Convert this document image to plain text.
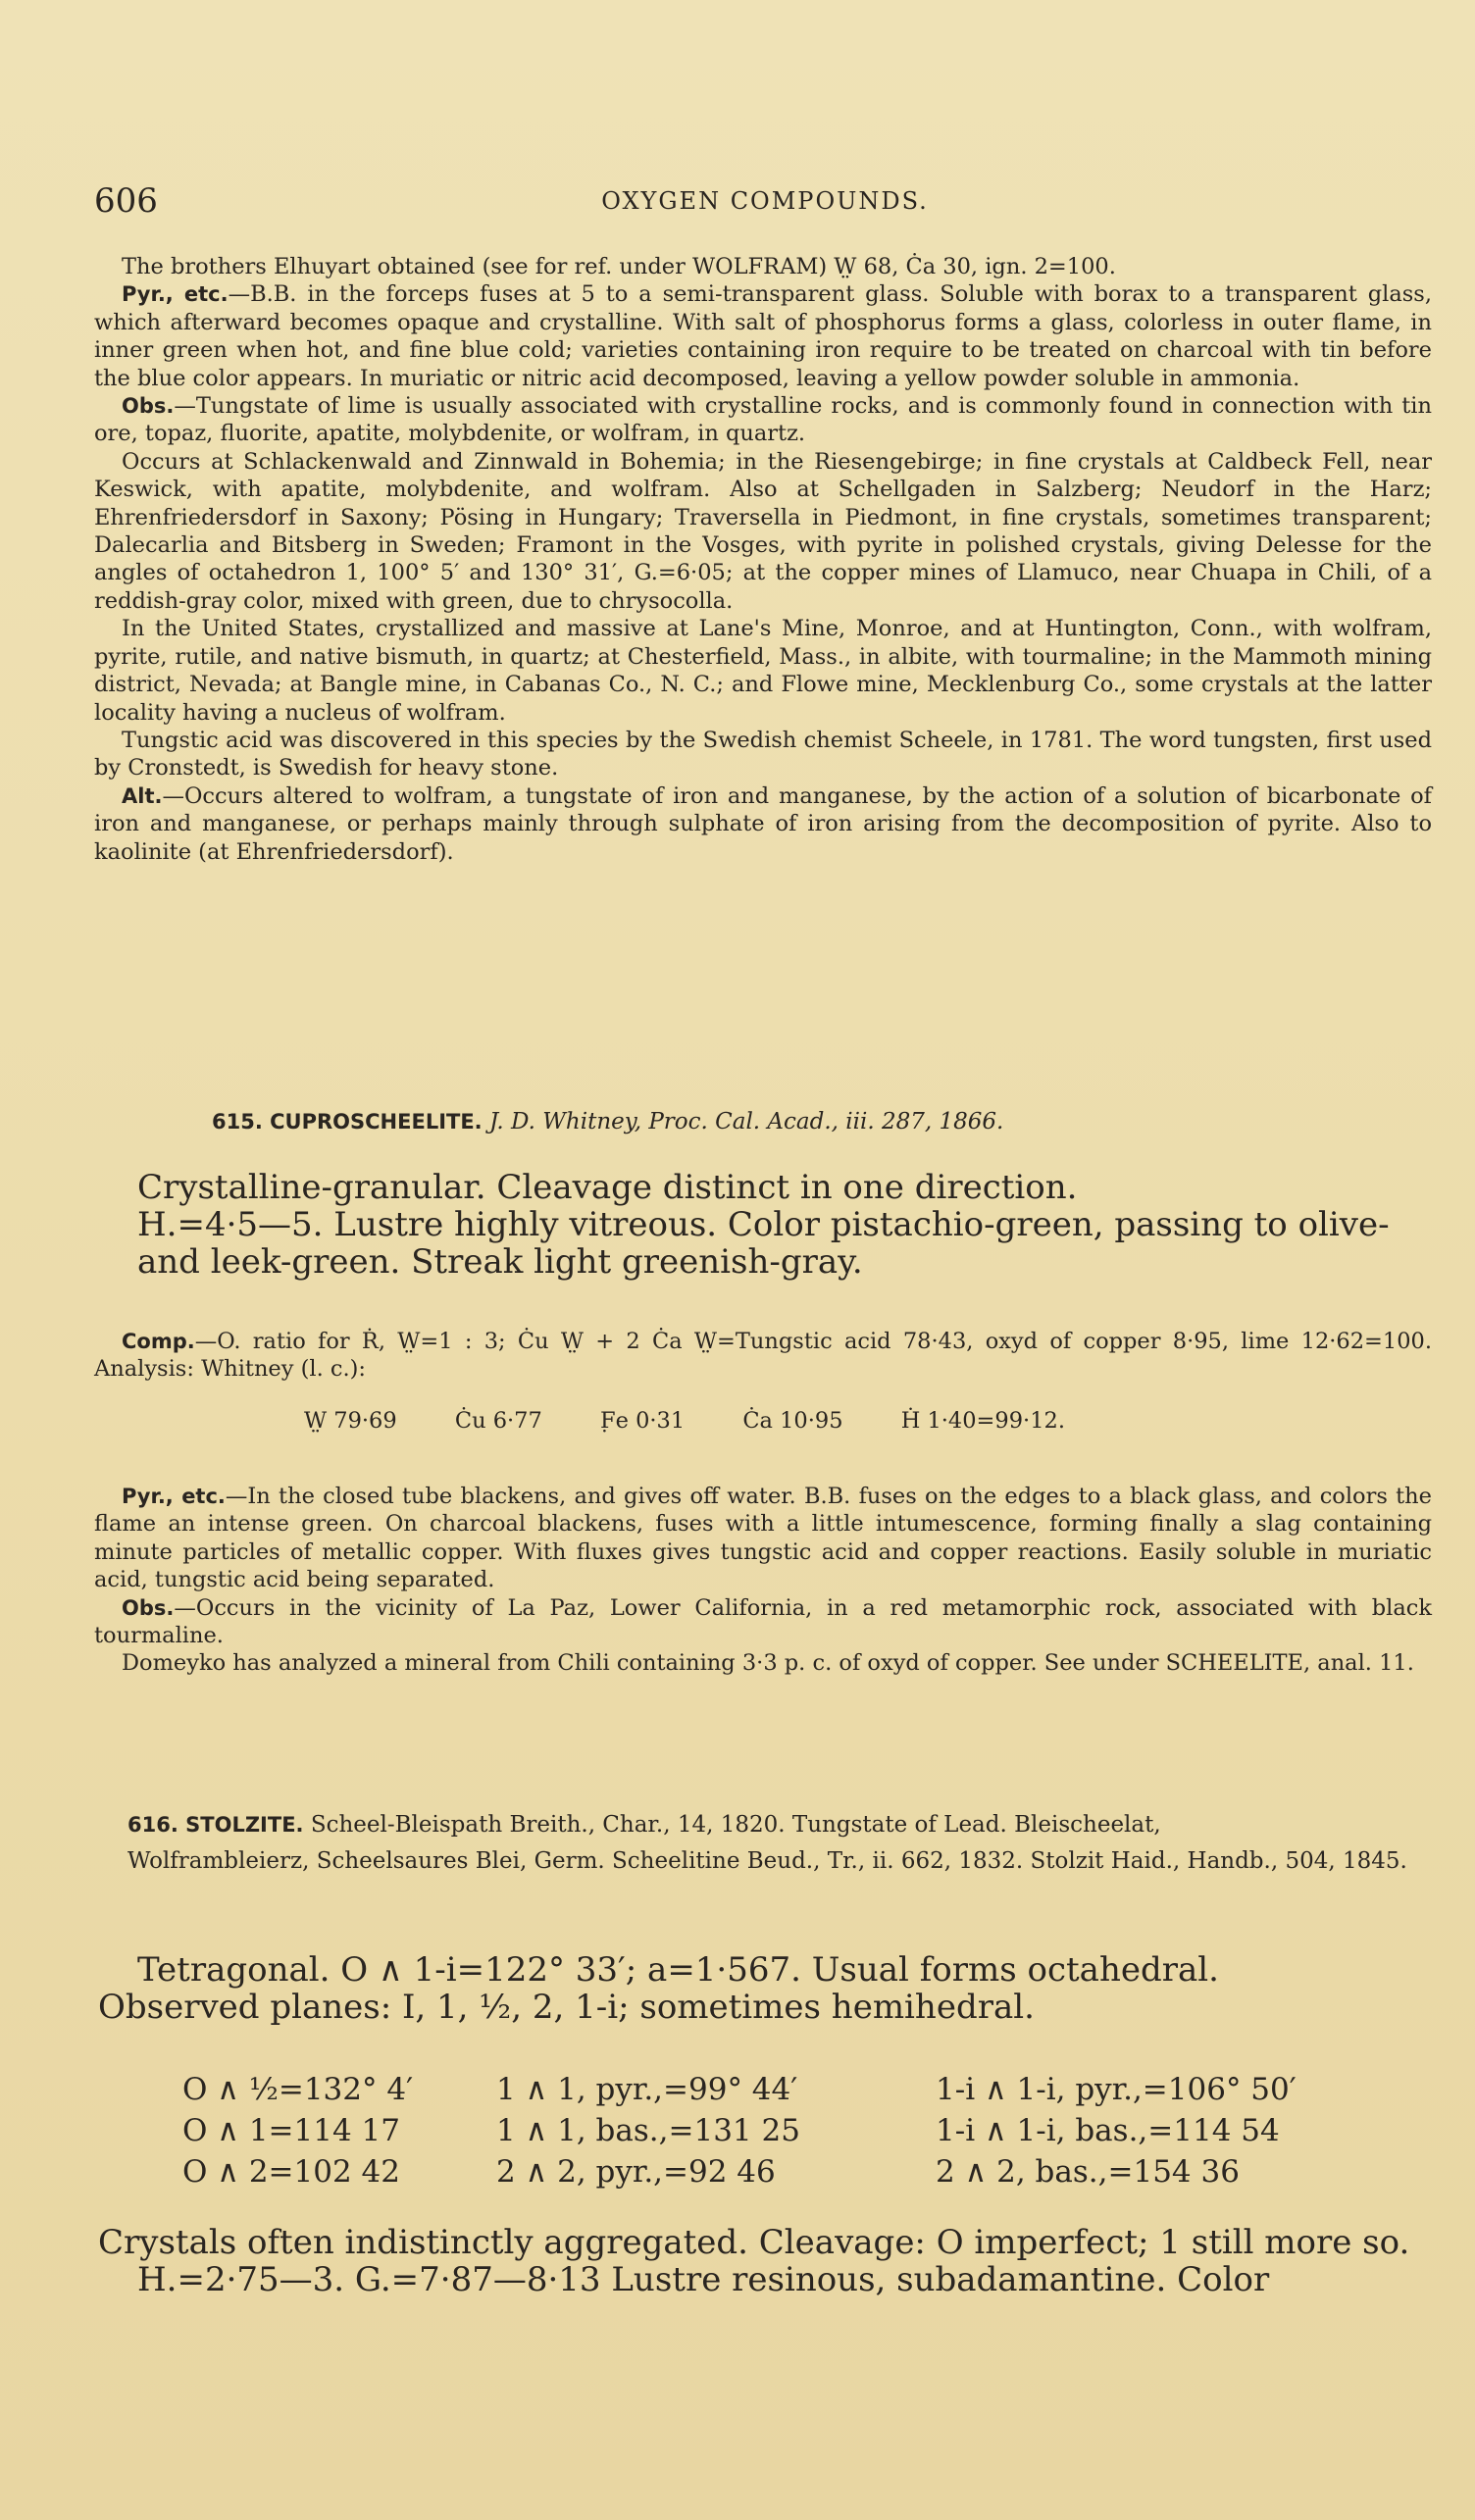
606	OXYGEN COMPOUNDS.

The brothers Elhuyart obtained (see for ref. under WOLFRAM) W̤ 68, Ċa 30, ign. 2=100.

Pyr., etc.—B.B. in the forceps fuses at 5 to a semi-transparent glass. Soluble with borax to a transparent glass, which afterward becomes opaque and crystalline. With salt of phosphorus forms a glass, colorless in outer flame, in inner green when hot, and fine blue cold; varieties containing iron require to be treated on charcoal with tin before the blue color appears. In muriatic or nitric acid decomposed, leaving a yellow powder soluble in ammonia.

Obs.—Tungstate of lime is usually associated with crystalline rocks, and is commonly found in connection with tin ore, topaz, fluorite, apatite, molybdenite, or wolfram, in quartz.

Occurs at Schlackenwald and Zinnwald in Bohemia; in the Riesengebirge; in fine crystals at Caldbeck Fell, near Keswick, with apatite, molybdenite, and wolfram. Also at Schellgaden in Salzberg; Neudorf in the Harz; Ehrenfriedersdorf in Saxony; Pösing in Hungary; Traversella in Piedmont, in fine crystals, sometimes transparent; Dalecarlia and Bitsberg in Sweden; Framont in the Vosges, with pyrite in polished crystals, giving Delesse for the angles of octahedron 1, 100° 5′ and 130° 31′, G.=6·05; at the copper mines of Llamuco, near Chuapa in Chili, of a reddish-gray color, mixed with green, due to chrysocolla.

In the United States, crystallized and massive at Lane's Mine, Monroe, and at Huntington, Conn., with wolfram, pyrite, rutile, and native bismuth, in quartz; at Chesterfield, Mass., in albite, with tourmaline; in the Mammoth mining district, Nevada; at Bangle mine, in Cabanas Co., N. C.; and Flowe mine, Mecklenburg Co., some crystals at the latter locality having a nucleus of wolfram.

Tungstic acid was discovered in this species by the Swedish chemist Scheele, in 1781. The word tungsten, first used by Cronstedt, is Swedish for heavy stone.

Alt.—Occurs altered to wolfram, a tungstate of iron and manganese, by the action of a solution of bicarbonate of iron and manganese, or perhaps mainly through sulphate of iron arising from the decomposition of pyrite. Also to kaolinite (at Ehrenfriedersdorf).

615. CUPROSCHEELITE. J. D. Whitney, Proc. Cal. Acad., iii. 287, 1866.

Crystalline-granular. Cleavage distinct in one direction.

H.=4·5—5. Lustre highly vitreous. Color pistachio-green, passing to olive- and leek-green. Streak light greenish-gray.

Comp.—O. ratio for Ṙ, W̤=1 : 3; Ċu W̤ + 2 Ċa W̤=Tungstic acid 78·43, oxyd of copper 8·95, lime 12·62=100. Analysis: Whitney (l. c.):

W̤ 79·69	Ċu 6·77	F̣e 0·31	Ċa 10·95	Ḣ 1·40=99·12.

Pyr., etc.—In the closed tube blackens, and gives off water. B.B. fuses on the edges to a black glass, and colors the flame an intense green. On charcoal blackens, fuses with a little intumescence, forming finally a slag containing minute particles of metallic copper. With fluxes gives tungstic acid and copper reactions. Easily soluble in muriatic acid, tungstic acid being separated.

Obs.—Occurs in the vicinity of La Paz, Lower California, in a red metamorphic rock, associated with black tourmaline.

Domeyko has analyzed a mineral from Chili containing 3·3 p. c. of oxyd of copper. See under SCHEELITE, anal. 11.

616. STOLZITE. Scheel-Bleispath Breith., Char., 14, 1820. Tungstate of Lead. Bleischeelat,
Wolframbleierz, Scheelsaures Blei, Germ. Scheelitine Beud., Tr., ii. 662, 1832. Stolzit Haid., Handb., 504, 1845.

Tetragonal. O ∧ 1-i=122° 33′; a=1·567. Usual forms octahedral.

Observed planes: I, 1, ½, 2, 1-i; sometimes hemihedral.

O ∧ ½=132° 4′	1 ∧ 1, pyr.,=99° 44′	1-i ∧ 1-i, pyr.,=106° 50′
O ∧ 1=114 17	1 ∧ 1, bas.,=131 25	1-i ∧ 1-i, bas.,=114 54
O ∧ 2=102 42	2 ∧ 2, pyr.,=92 46	2 ∧ 2, bas.,=154 36

Crystals often indistinctly aggregated. Cleavage: O imperfect; 1 still more so.

H.=2·75—3. G.=7·87—8·13 Lustre resinous, subadamantine. Color
